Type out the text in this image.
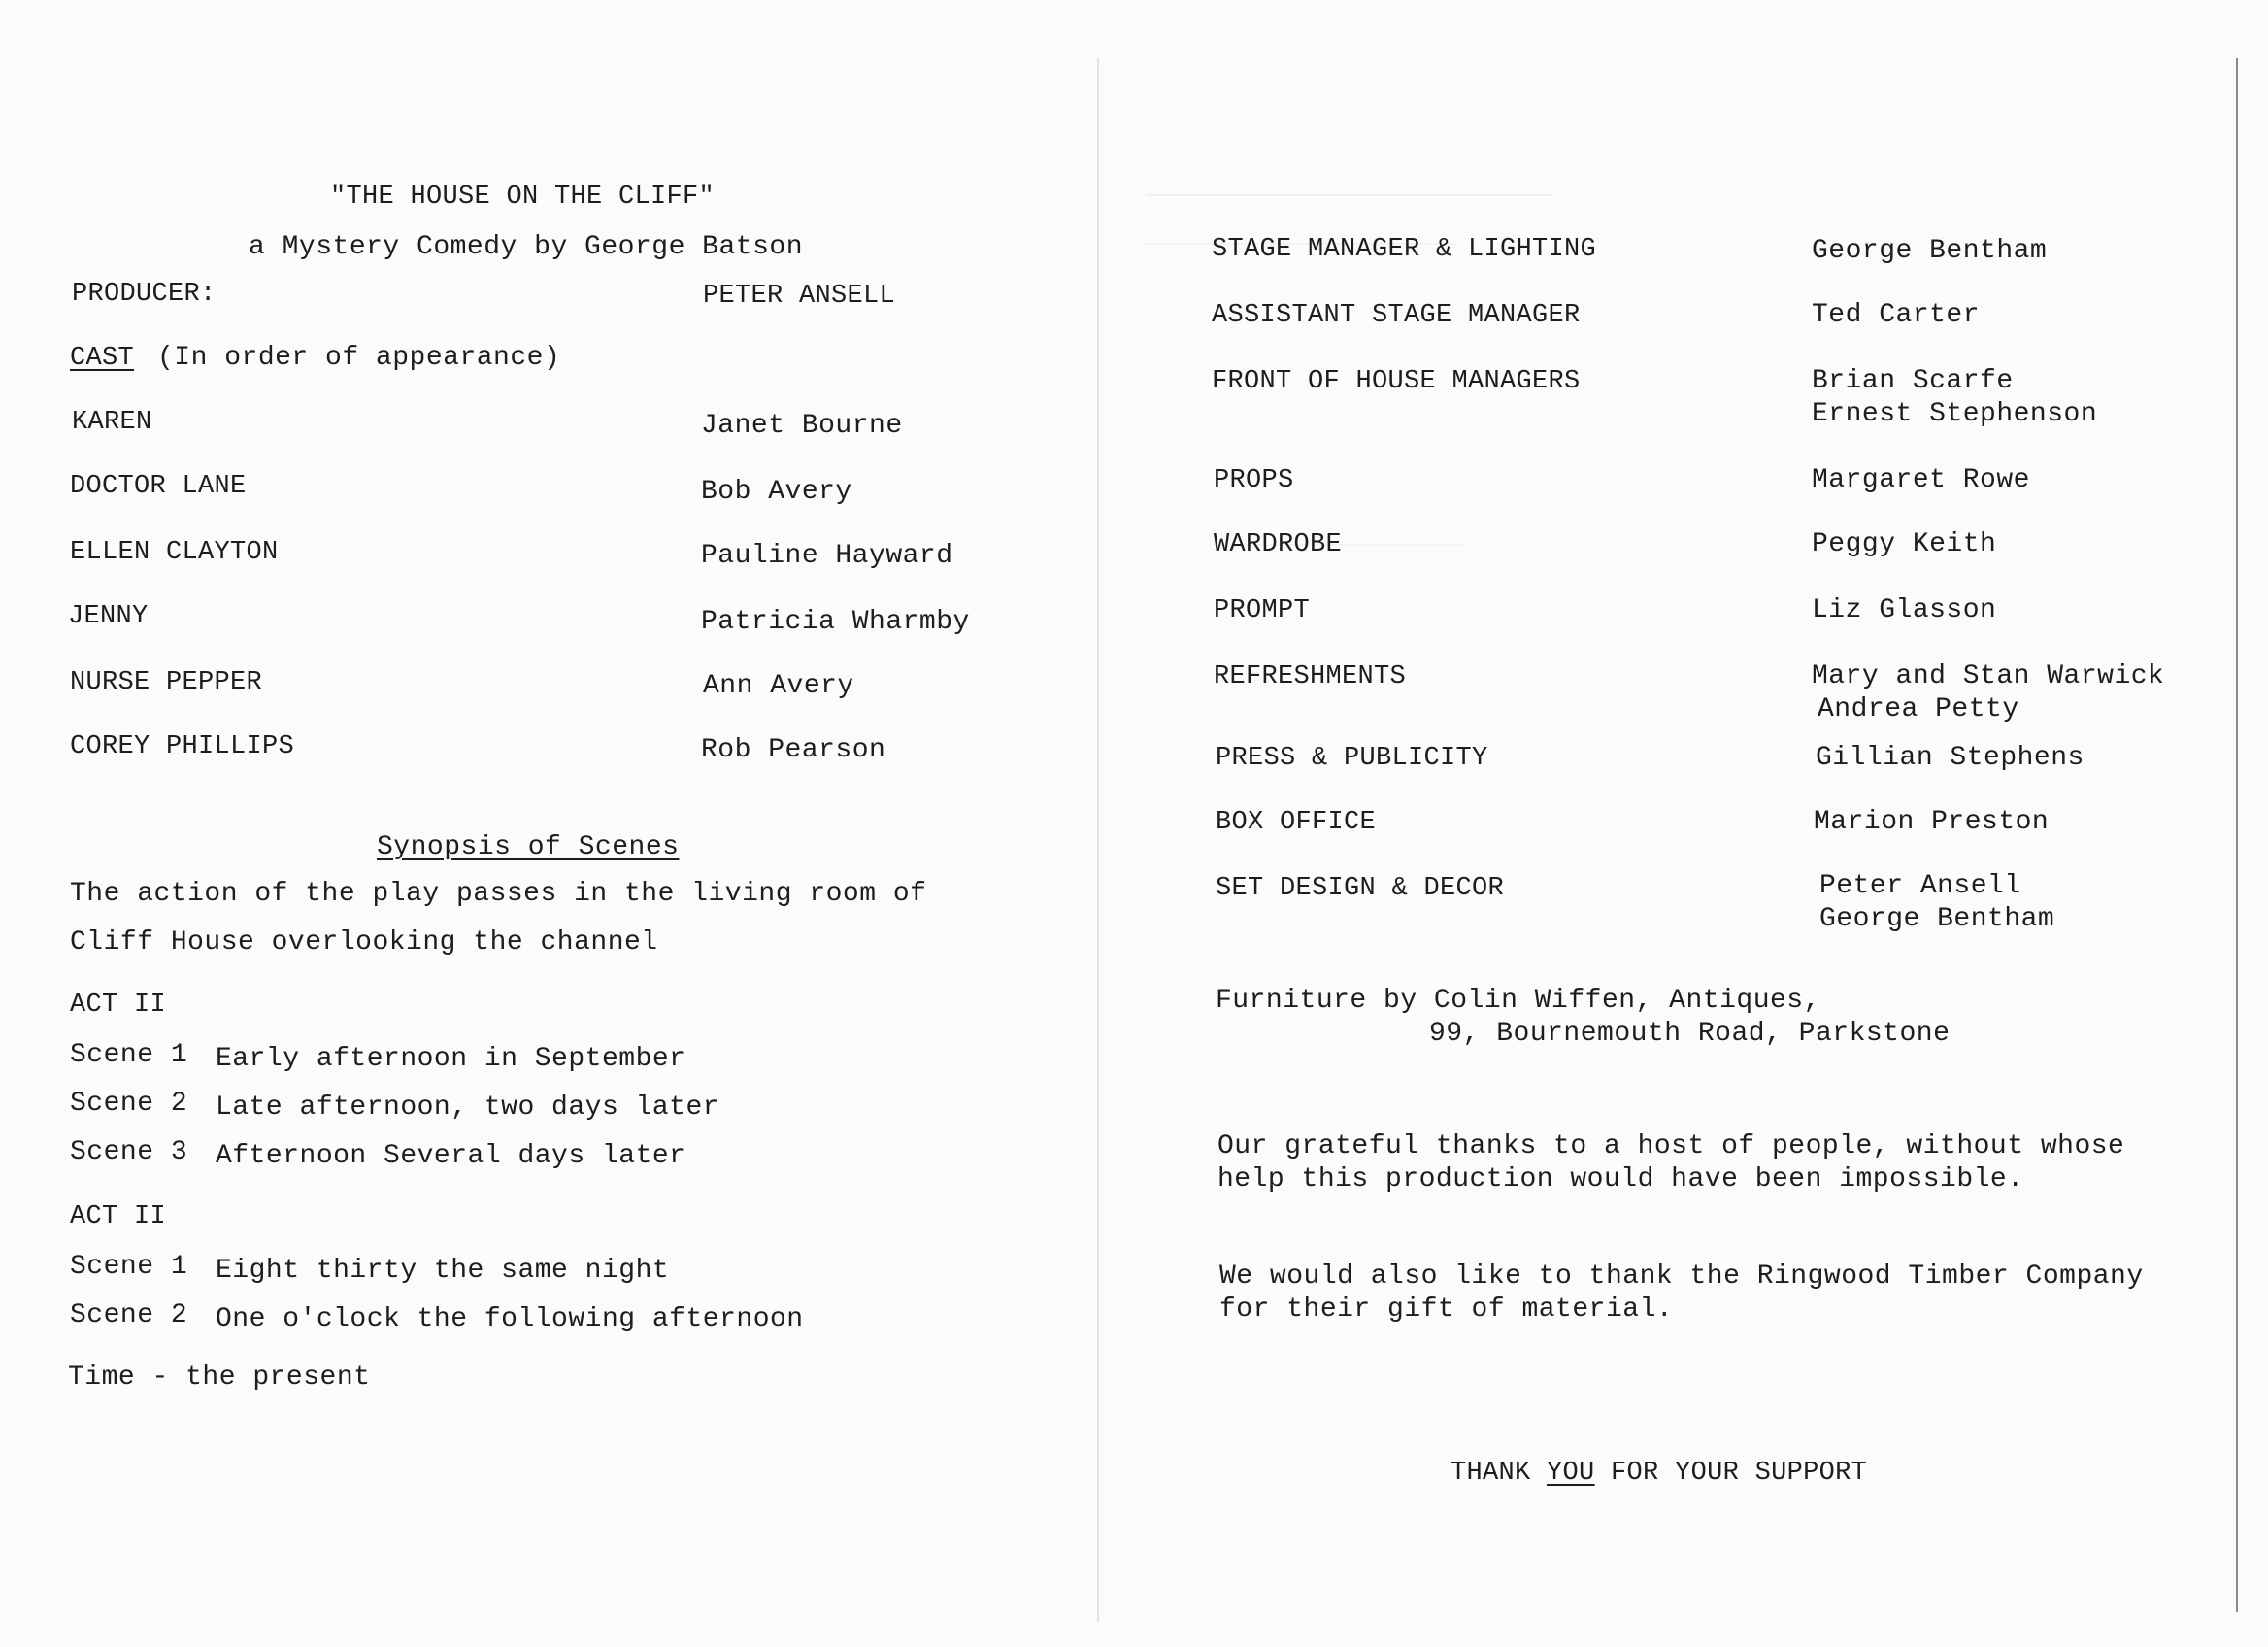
"THE HOUSE ON THE CLIFF"
a Mystery Comedy by George Batson
PRODUCER:	PETER ANSELL
CAST (In order of appearance)
KAREN	Janet Bourne
DOCTOR LANE	Bob Avery
ELLEN CLAYTON	Pauline Hayward
JENNY	Patricia Wharmby
NURSE PEPPER	Ann Avery
COREY PHILLIPS	Rob Pearson
Synopsis of Scenes
The action of the play passes in the living room of
Cliff House overlooking the channel
ACT II
Scene 1 Early afternoon in September
Scene 2 Late afternoon, two days later
Scene 3 Afternoon Several days later
ACT II
Scene 1 Eight thirty the same night
Scene 2 One o'clock the following afternoon
Time - the present
STAGE MANAGER & LIGHTING	George Bentham
ASSISTANT STAGE MANAGER	Ted Carter
FRONT OF HOUSE MANAGERS	Brian Scarfe
Ernest Stephenson
PROPS	Margaret Rowe
WARDROBE	Peggy Keith
PROMPT	Liz Glasson
REFRESHMENTS	Mary and Stan Warwick
Andrea Petty
PRESS & PUBLICITY	Gillian Stephens
BOX OFFICE	Marion Preston
SET DESIGN & DECOR	Peter Ansell
George Bentham
Furniture by Colin Wiffen, Antiques,
99, Bournemouth Road, Parkstone
Our grateful thanks to a host of people, without whose
help this production would have been impossible.
We would also like to thank the Ringwood Timber Company
for their gift of material.
THANK YOU FOR YOUR SUPPORT
